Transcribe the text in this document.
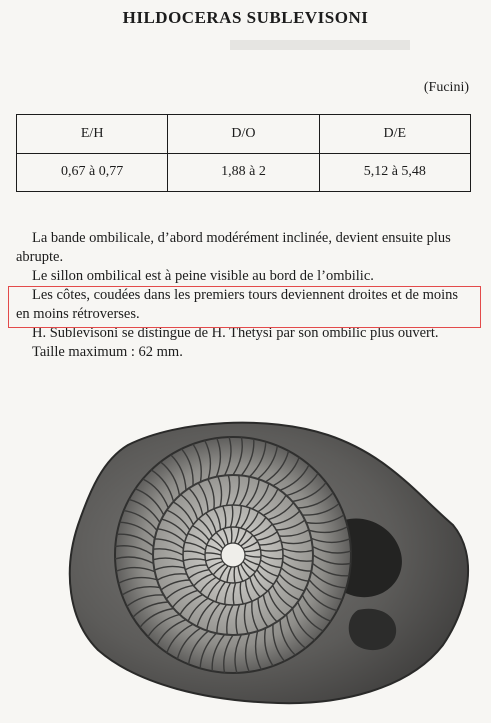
HILDOCERAS SUBLEVISONI
(Fucini)
E/H	D/O	D/E
0,67 à 0,77	1,88 à 2	5,12 à 5,48

La bande ombilicale, d’abord modérément inclinée, devient ensuite plus abrupte.

Le sillon ombilical est à peine visible au bord de l’ombilic.

Les côtes, coudées dans les premiers tours deviennent droites et de moins en moins rétroverses.

H. Sublevisoni se distingue de H. Thetysi par son ombilic plus ouvert.

Taille maximum : 62 mm.
